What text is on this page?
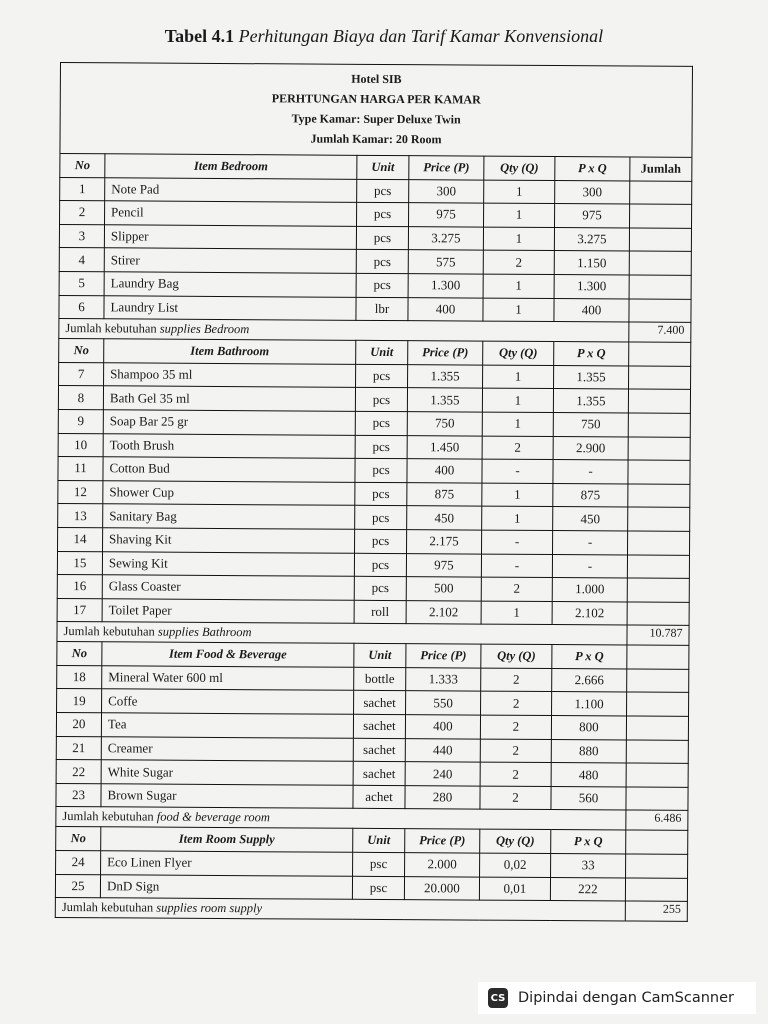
Tabel 4.1 Perhitungan Biaya dan Tarif Kamar Konvensional
Hotel SIB
PERHTUNGAN HARGA PER KAMAR
Type Kamar: Super Deluxe Twin
Jumlah Kamar: 20 Room						

No	Item Bedroom	Unit	Price (P)	Qty (Q)	P x Q	Jumlah
1	Note Pad	pcs	300	1	300	
2	Pencil	pcs	975	1	975	
3	Slipper	pcs	3.275	1	3.275	
4	Stirer	pcs	575	2	1.150	
5	Laundry Bag	pcs	1.300	1	1.300	
6	Laundry List	lbr	400	1	400	
Jumlah kebutuhan supplies Bedroom						7.400
No	Item Bathroom	Unit	Price (P)	Qty (Q)	P x Q	
7	Shampoo 35 ml	pcs	1.355	1	1.355	
8	Bath Gel 35 ml	pcs	1.355	1	1.355	
9	Soap Bar 25 gr	pcs	750	1	750	
10	Tooth Brush	pcs	1.450	2	2.900	
11	Cotton Bud	pcs	400	-	-	
12	Shower Cup	pcs	875	1	875	
13	Sanitary Bag	pcs	450	1	450	
14	Shaving Kit	pcs	2.175	-	-	
15	Sewing Kit	pcs	975	-	-	
16	Glass Coaster	pcs	500	2	1.000	
17	Toilet Paper	roll	2.102	1	2.102	
Jumlah kebutuhan supplies Bathroom						10.787
No	Item Food & Beverage	Unit	Price (P)	Qty (Q)	P x Q	
18	Mineral Water 600 ml	bottle	1.333	2	2.666	
19	Coffe	sachet	550	2	1.100	
20	Tea	sachet	400	2	800	
21	Creamer	sachet	440	2	880	
22	White Sugar	sachet	240	2	480	
23	Brown Sugar	achet	280	2	560	
Jumlah kebutuhan food & beverage room						6.486
No	Item Room Supply	Unit	Price (P)	Qty (Q)	P x Q	
24	Eco Linen Flyer	psc	2.000	0,02	33	
25	DnD Sign	psc	20.000	0,01	222	
Jumlah kebutuhan supplies room supply						255
CS Dipindai dengan CamScanner
